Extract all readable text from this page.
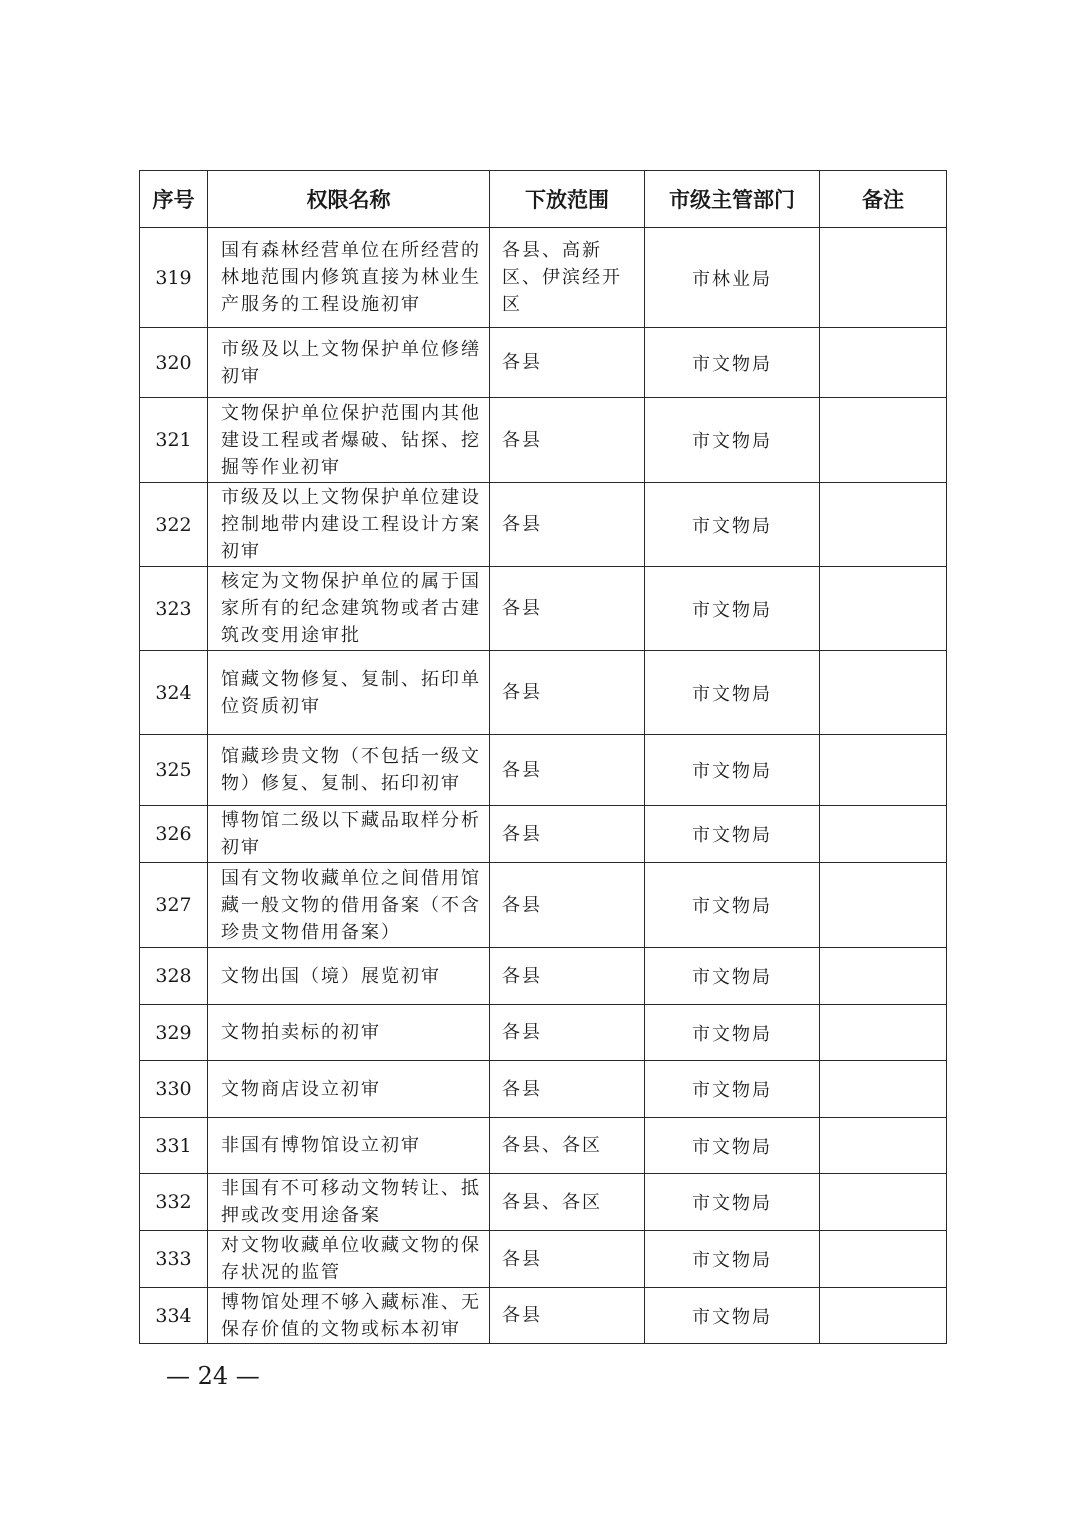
序号	权限名称	下放范围	市级主管部门	备注
319	国有森林经营单位在所经营的林地范围内修筑直接为林业生产服务的工程设施初审	各县、高新区、伊滨经开区	市林业局	
320	市级及以上文物保护单位修缮初审	各县	市文物局	
321	文物保护单位保护范围内其他建设工程或者爆破、钻探、挖掘等作业初审	各县	市文物局	
322	市级及以上文物保护单位建设控制地带内建设工程设计方案初审	各县	市文物局	
323	核定为文物保护单位的属于国家所有的纪念建筑物或者古建筑改变用途审批	各县	市文物局	
324	馆藏文物修复、复制、拓印单位资质初审	各县	市文物局	
325	馆藏珍贵文物（不包括一级文物）修复、复制、拓印初审	各县	市文物局	
326	博物馆二级以下藏品取样分析初审	各县	市文物局	
327	国有文物收藏单位之间借用馆藏一般文物的借用备案（不含珍贵文物借用备案）	各县	市文物局	
328	文物出国（境）展览初审	各县	市文物局	
329	文物拍卖标的初审	各县	市文物局	
330	文物商店设立初审	各县	市文物局	
331	非国有博物馆设立初审	各县、各区	市文物局	
332	非国有不可移动文物转让、抵押或改变用途备案	各县、各区	市文物局	
333	对文物收藏单位收藏文物的保存状况的监管	各县	市文物局	
334	博物馆处理不够入藏标准、无保存价值的文物或标本初审	各县	市文物局	
— 24 —
